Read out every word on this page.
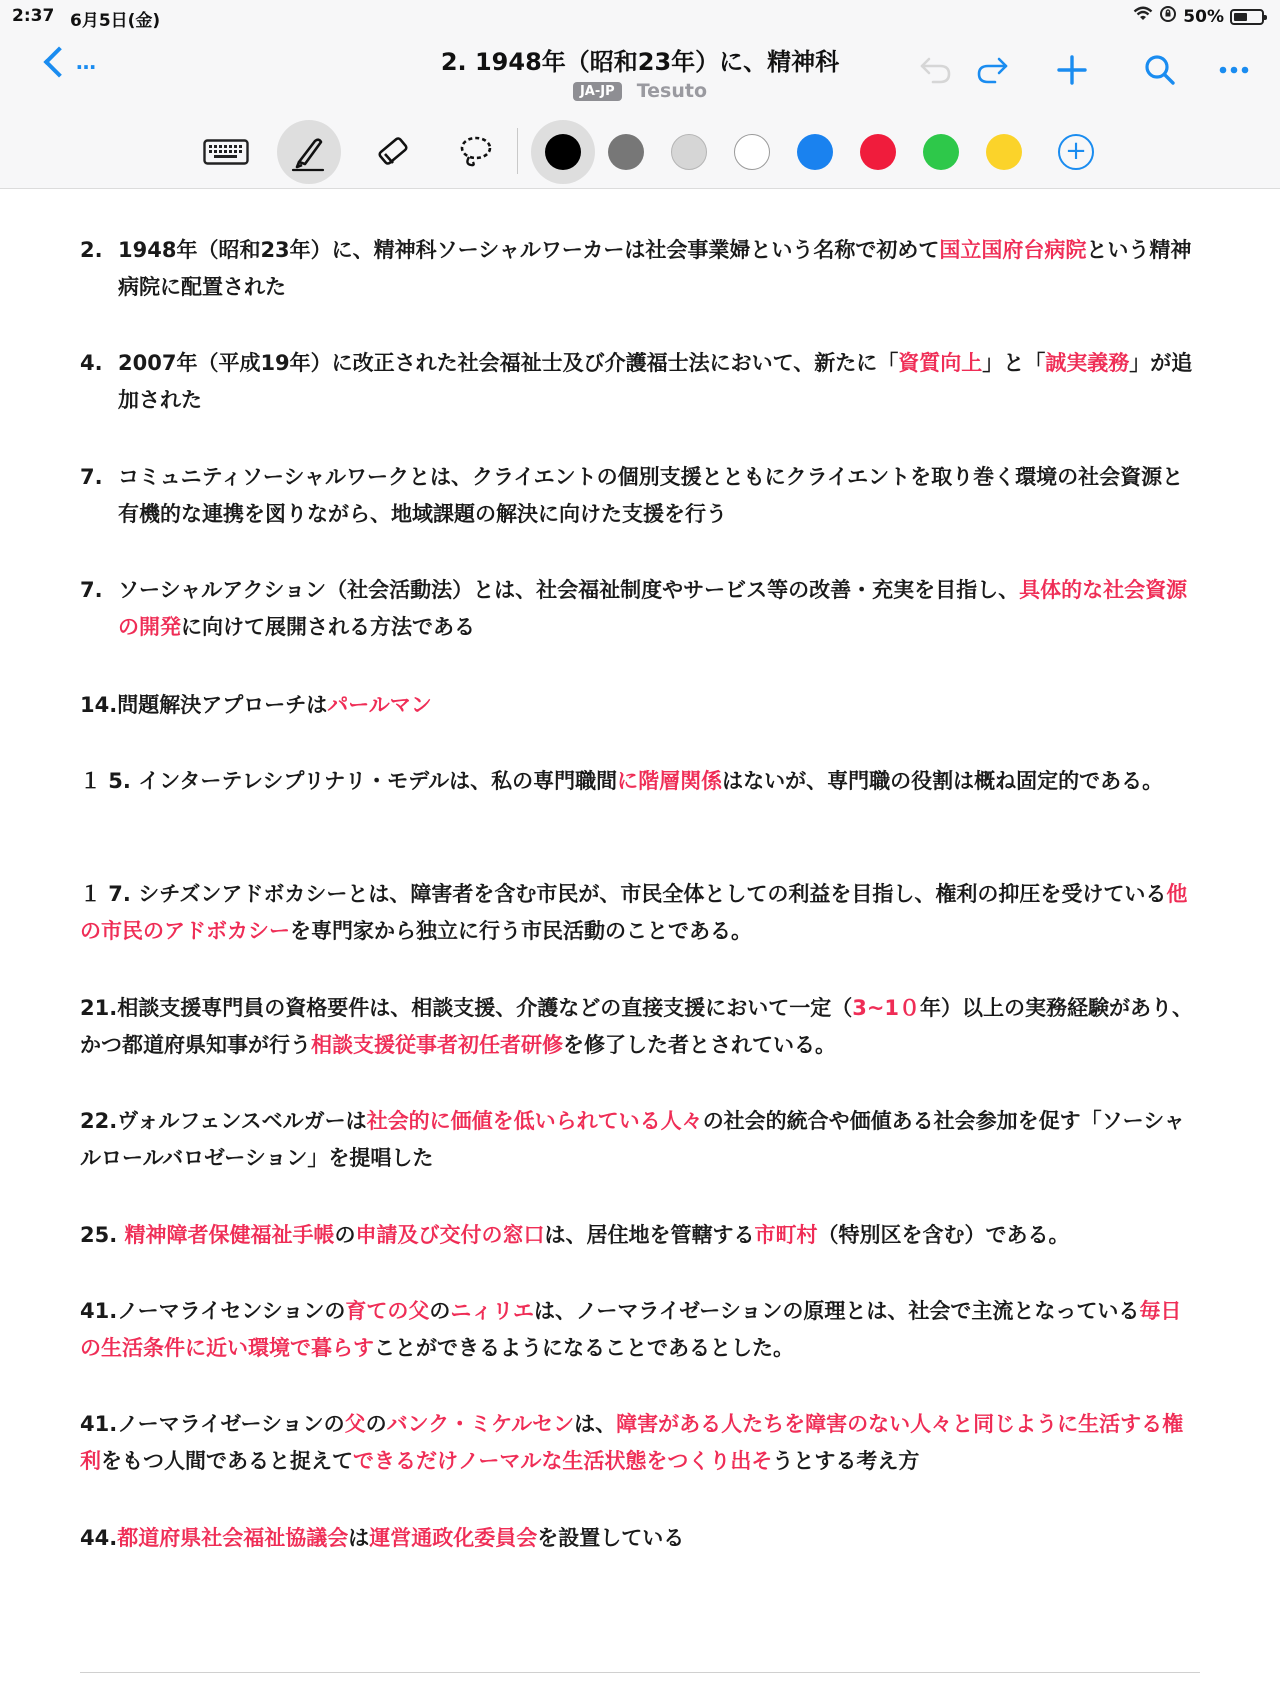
2:37 6月5日(金)	50%
…	2. 1948年（昭和23年）に、精神科
JA-JP Tesuto
+
2. 1948年（昭和23年）に、精神科ソーシャルワーカーは社会事業婦という名称で初めて国立国府台病院という精神病院に配置された
4. 2007年（平成19年）に改正された社会福祉士及び介護福士法において、新たに「資質向上」と「誠実義務」が追加された
7. コミュニティソーシャルワークとは、クライエントの個別支援とともにクライエントを取り巻く環境の社会資源と有機的な連携を図りながら、地域課題の解決に向けた支援を行う
7. ソーシャルアクション（社会活動法）とは、社会福祉制度やサービス等の改善・充実を目指し、具体的な社会資源の開発に向けて展開される方法である
14.問題解決アプローチはパールマン
１ 5. インターテレシプリナリ・モデルは、私の専門職間に階層関係はないが、専門職の役割は概ね固定的である。
１ 7. シチズンアドボカシーとは、障害者を含む市民が、市民全体としての利益を目指し、権利の抑圧を受けている他の市民のアドボカシーを専門家から独立に行う市民活動のことである。
21.相談支援専門員の資格要件は、相談支援、介護などの直接支援において一定（3~1０年）以上の実務経験があり、かつ都道府県知事が行う相談支援従事者初任者研修を修了した者とされている。
22.ヴォルフェンスベルガーは社会的に価値を低いられている人々の社会的統合や価値ある社会参加を促す「ソーシャルロールバロゼーション」を提唱した
25. 精神障者保健福祉手帳の申請及び交付の窓口は、居住地を管轄する市町村（特別区を含む）である。
41.ノーマライセンションの育ての父のニィリエは、ノーマライゼーションの原理とは、社会で主流となっている毎日の生活条件に近い環境で暮らすことができるようになることであるとした。
41.ノーマライゼーションの父のバンク・ミケルセンは、障害がある人たちを障害のない人々と同じように生活する権利をもつ人間であると捉えてできるだけノーマルな生活状態をつくり出そうとする考え方
44.都道府県社会福祉協議会は運営通政化委員会を設置している
